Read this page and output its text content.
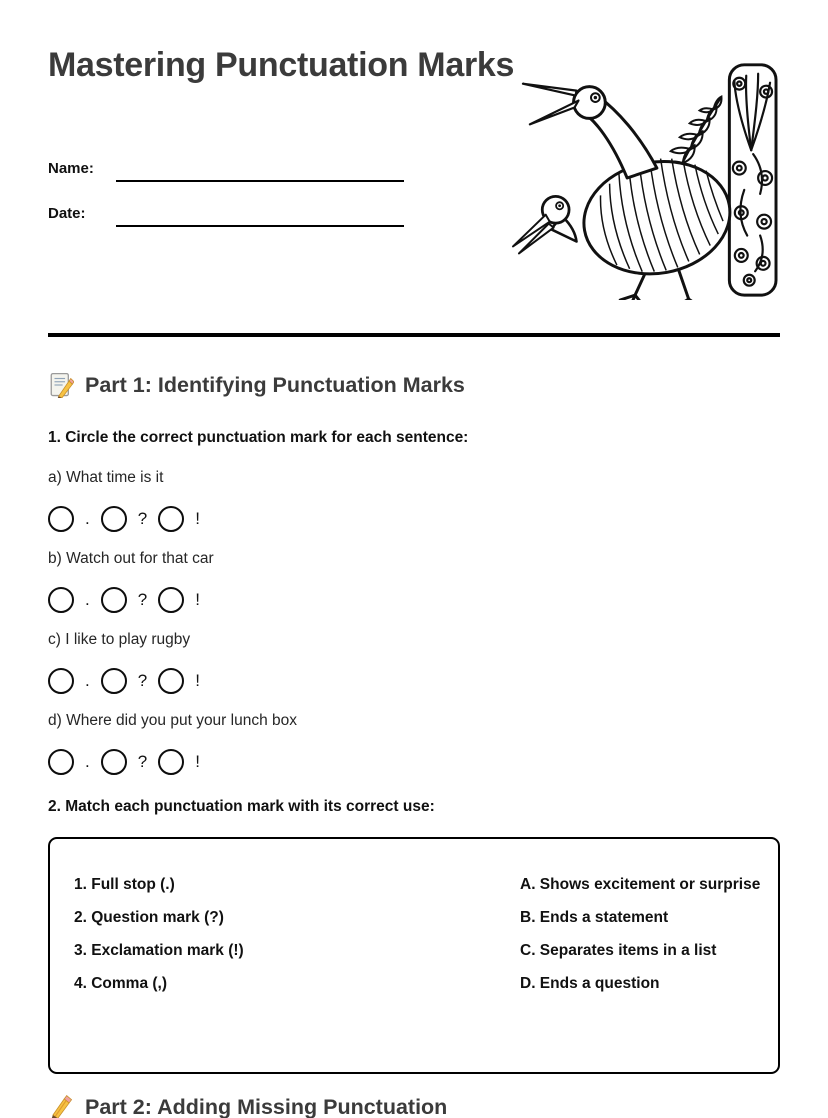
Mastering Punctuation Marks
Name:
Date:
Part 1: Identifying Punctuation Marks
1. Circle the correct punctuation mark for each sentence:
a) What time is it
.	?	!
b) Watch out for that car
.	?	!
c) I like to play rugby
.	?	!
d) Where did you put your lunch box
.	?	!
2. Match each punctuation mark with its correct use:
1. Full stop (.)	A. Shows excitement or surprise
2. Question mark (?)	B. Ends a statement
3. Exclamation mark (!)	C. Separates items in a list
4. Comma (,)	D. Ends a question
Part 2: Adding Missing Punctuation
